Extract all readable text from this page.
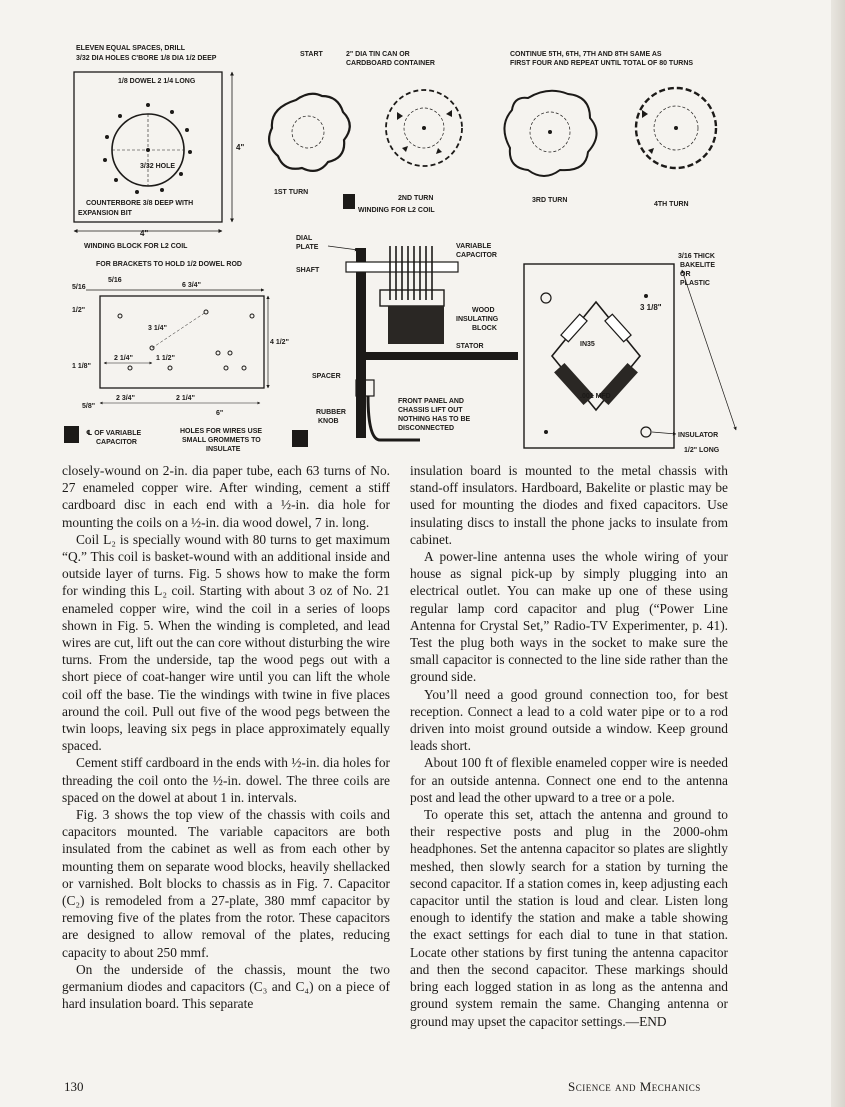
ELEVEN EQUAL SPACES, DRILL
3/32 DIA HOLES C'BORE 1/8 DIA 1/2 DEEP
1/8 DOWEL 2 1/4 LONG
3/32 HOLE
COUNTERBORE 3/8 DEEP WITH
EXPANSION BIT
4"
4"
WINDING BLOCK FOR L2 COIL
START	2" DIA TIN CAN OR
CARDBOARD CONTAINER
1ST TURN
5	2ND TURN
WINDING FOR L2 COIL
CONTINUE 5TH, 6TH, 7TH AND 8TH SAME AS
FIRST FOUR AND REPEAT UNTIL TOTAL OF 80 TURNS
3RD TURN
4TH TURN
FOR BRACKETS TO HOLD 1/2 DOWEL ROD
6 3/4"
5/16
5/16
1/2"
3 1/4"
4 1/2"
1 1/8"
2 1/4"	1 1/2"
2 3/4"	2 1/4"
6"
5/8"
6 ℄ OF VARIABLE
CAPACITOR
HOLES FOR WIRES USE
SMALL GROMMETS TO
INSULATE
DIAL
PLATE
SHAFT
VARIABLE
CAPACITOR
WOOD
INSULATING
BLOCK
STATOR
SPACER
RUBBER
KNOB
FRONT PANEL AND
CHASSIS LIFT OUT
NOTHING HAS TO BE
DISCONNECTED
7
IN35
.001 MFD
3 1/8"
3/16 THICK
BAKELITE
OR
PLASTIC
INSULATOR
1/2" LONG

closely-wound on 2-in. dia paper tube, each 63 turns of No. 27 enameled copper wire. After winding, cement a stiff cardboard disc in each end with a ½-in. dia hole for mounting the coils on a ½-in. dia wood dowel, 7 in. long.

Coil L₂ is specially wound with 80 turns to get maximum “Q.” This coil is basket-wound with an additional inside and outside layer of turns. Fig. 5 shows how to make the form for winding this L₂ coil. Starting with about 3 oz of No. 21 enameled copper wire, wind the coil in a series of loops shown in Fig. 5. When the winding is completed, and lead wires are cut, lift out the can core without disturbing the wire turns. From the underside, tap the wood pegs out with a short piece of coat-hanger wire until you can lift the whole coil off the base. Tie the windings with twine in five places around the coil. Pull out five of the wood pegs between the twin loops, leaving six pegs in place approximately equally spaced.

Cement stiff cardboard in the ends with ½-in. dia holes for threading the coil onto the ½-in. dowel. The three coils are spaced on the dowel at about 1 in. intervals.

Fig. 3 shows the top view of the chassis with coils and capacitors mounted. The variable capacitors are both insulated from the cabinet as well as from each other by mounting them on separate wood blocks, heavily shellacked or varnished. Bolt blocks to chassis as in Fig. 7. Capacitor (C₂) is remodeled from a 27-plate, 380 mmf capacitor by removing five of the plates from the rotor. These capacitors are designed to allow removal of the plates, reducing capacity to about 250 mmf.

On the underside of the chassis, mount the two germanium diodes and capacitors (C₃ and C₄) on a piece of hard insulation board. This separate

insulation board is mounted to the metal chassis with stand-off insulators. Hardboard, Bakelite or plastic may be used for mounting the diodes and fixed capacitors. Use insulating discs to install the phone jacks to insulate from cabinet.

A power-line antenna uses the whole wiring of your house as signal pick-up by simply plugging into an electrical outlet. You can make up one of these using regular lamp cord capacitor and plug (“Power Line Antenna for Crystal Set,” Radio-TV Experimenter, p. 41). Test the plug both ways in the socket to make sure the small capacitor is connected to the line side rather than the ground side.

You’ll need a good ground connection too, for best reception. Connect a lead to a cold water pipe or to a rod driven into moist ground outside a window. Keep ground leads short.

About 100 ft of flexible enameled copper wire is needed for an outside antenna. Connect one end to the antenna post and lead the other upward to a tree or a pole.

To operate this set, attach the antenna and ground to their respective posts and plug in the 2000-ohm headphones. Set the antenna capacitor so plates are slightly meshed, then slowly search for a station by turning the second capacitor. If a station comes in, keep adjusting each capacitor until the station is loud and clear. Listen long enough to identify the station and make a table showing the exact settings for each dial to tune in that station. Locate other stations by first tuning the antenna capacitor and then the second capacitor. These markings should bring each logged station in as long as the antenna and ground system remain the same. Changing antenna or ground may upset the capacitor settings.—END

130	Science and Mechanics
